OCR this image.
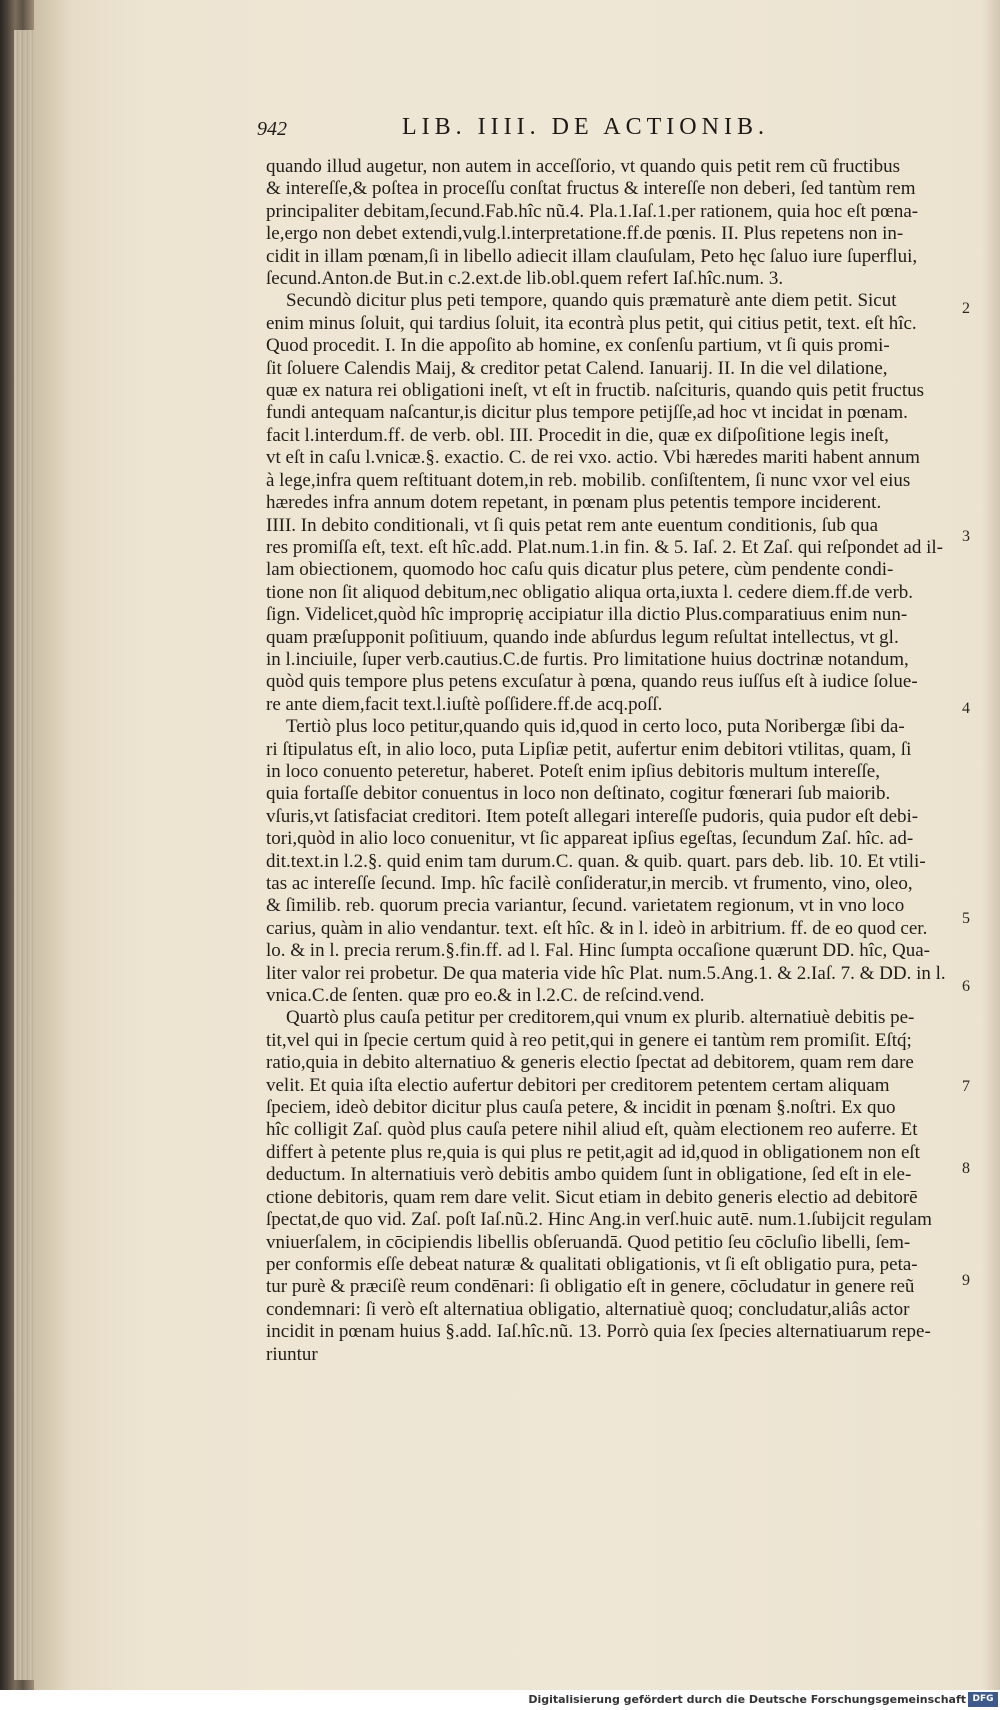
942	LIB. IIII. DE ACTIONIB.
quando illud augetur, non autem in acceſſorio, vt quando quis petit rem cũ fructibus
& intereſſe,& poſtea in proceſſu conſtat fructus & intereſſe non deberi, ſed tantùm rem
principaliter debitam,ſecund.Fab.hîc nũ.4. Pla.1.Iaſ.1.per rationem, quia hoc eſt pœna-
le,ergo non debet extendi,vulg.l.interpretatione.ff.de pœnis. II. Plus repetens non in-
cidit in illam pœnam,ſi in libello adiecit illam clauſulam, Peto hęc ſaluo iure ſuperflui,
ſecund.Anton.de But.in c.2.ext.de lib.obl.quem refert Iaſ.hîc.num. 3.
Secundò dicitur plus peti tempore, quando quis præmaturè ante diem petit. Sicut
enim minus ſoluit, qui tardius ſoluit, ita econtrà plus petit, qui citius petit, text. eſt hîc.
Quod procedit. I. In die appoſito ab homine, ex conſenſu partium, vt ſi quis promi-
ſit ſoluere Calendis Maij, & creditor petat Calend. Ianuarij. II. In die vel dilatione,
quæ ex natura rei obligationi ineſt, vt eſt in fructib. naſcituris, quando quis petit fructus
fundi antequam naſcantur,is dicitur plus tempore petijſſe,ad hoc vt incidat in pœnam.
facit l.interdum.ff. de verb. obl. III. Procedit in die, quæ ex diſpoſitione legis ineſt,
vt eſt in caſu l.vnicæ.§. exactio. C. de rei vxo. actio. Vbi hæredes mariti habent annum
à lege,infra quem reſtituant dotem,in reb. mobilib. conſiſtentem, ſi nunc vxor vel eius
hæredes infra annum dotem repetant, in pœnam plus petentis tempore inciderent.
IIII. In debito conditionali, vt ſi quis petat rem ante euentum conditionis, ſub qua
res promiſſa eſt, text. eſt hîc.add. Plat.num.1.in fin. & 5. Iaſ. 2. Et Zaſ. qui reſpondet ad il-
lam obiectionem, quomodo hoc caſu quis dicatur plus petere, cùm pendente condi-
tione non ſit aliquod debitum,nec obligatio aliqua orta,iuxta l. cedere diem.ff.de verb.
ſign. Videlicet,quòd hîc improprię accipiatur illa dictio Plus.comparatiuus enim nun-
quam præſupponit poſitiuum, quando inde abſurdus legum reſultat intellectus, vt gl.
in l.inciuile, ſuper verb.cautius.C.de furtis. Pro limitatione huius doctrinæ notandum,
quòd quis tempore plus petens excuſatur à pœna, quando reus iuſſus eſt à iudice ſolue-
re ante diem,facit text.l.iuſtè poſſidere.ff.de acq.poſſ.
Tertiò plus loco petitur,quando quis id,quod in certo loco, puta Noribergæ ſibi da-
ri ſtipulatus eſt, in alio loco, puta Lipſiæ petit, aufertur enim debitori vtilitas, quam, ſi
in loco conuento peteretur, haberet. Poteſt enim ipſius debitoris multum intereſſe,
quia fortaſſe debitor conuentus in loco non deſtinato, cogitur fœnerari ſub maiorib.
vſuris,vt ſatisfaciat creditori. Item poteſt allegari intereſſe pudoris, quia pudor eſt debi-
tori,quòd in alio loco conuenitur, vt ſic appareat ipſius egeſtas, ſecundum Zaſ. hîc. ad-
dit.text.in l.2.§. quid enim tam durum.C. quan. & quib. quart. pars deb. lib. 10. Et vtili-
tas ac intereſſe ſecund. Imp. hîc facilè conſideratur,in mercib. vt frumento, vino, oleo,
& ſimilib. reb. quorum precia variantur, ſecund. varietatem regionum, vt in vno loco
carius, quàm in alio vendantur. text. eſt hîc. & in l. ideò in arbitrium. ff. de eo quod cer.
lo. & in l. precia rerum.§.fin.ff. ad l. Fal. Hinc ſumpta occaſione quærunt DD. hîc, Qua-
liter valor rei probetur. De qua materia vide hîc Plat. num.5.Ang.1. & 2.Iaſ. 7. & DD. in l.
vnica.C.de ſenten. quæ pro eo.& in l.2.C. de reſcind.vend.
Quartò plus cauſa petitur per creditorem,qui vnum ex plurib. alternatiuè debitis pe-
tit,vel qui in ſpecie certum quid à reo petit,qui in genere ei tantùm rem promiſit. Eſtq́;
ratio,quia in debito alternatiuo & generis electio ſpectat ad debitorem, quam rem dare
velit. Et quia iſta electio aufertur debitori per creditorem petentem certam aliquam
ſpeciem, ideò debitor dicitur plus cauſa petere, & incidit in pœnam §.noſtri. Ex quo
hîc colligit Zaſ. quòd plus cauſa petere nihil aliud eſt, quàm electionem reo auferre. Et
differt à petente plus re,quia is qui plus re petit,agit ad id,quod in obligationem non eſt
deductum. In alternatiuis verò debitis ambo quidem ſunt in obligatione, ſed eſt in ele-
ctione debitoris, quam rem dare velit. Sicut etiam in debito generis electio ad debitorē
ſpectat,de quo vid. Zaſ. poſt Iaſ.nũ.2. Hinc Ang.in verſ.huic autē. num.1.ſubijcit regulam
vniuerſalem, in cōcipiendis libellis obſeruandā. Quod petitio ſeu cōcluſio libelli, ſem-
per conformis eſſe debeat naturæ & qualitati obligationis, vt ſi eſt obligatio pura, peta-
tur purè & præciſè reum condēnari: ſi obligatio eſt in genere, cōcludatur in genere reũ
condemnari: ſi verò eſt alternatiua obligatio, alternatiuè quoq; concludatur,aliâs actor
incidit in pœnam huius §.add. Iaſ.hîc.nũ. 13. Porrò quia ſex ſpecies alternatiuarum repe-
riuntur
2
3
4
5
6
7
8
9
Digitalisierung gefördert durch die Deutsche Forschungsgemeinschaft DFG
